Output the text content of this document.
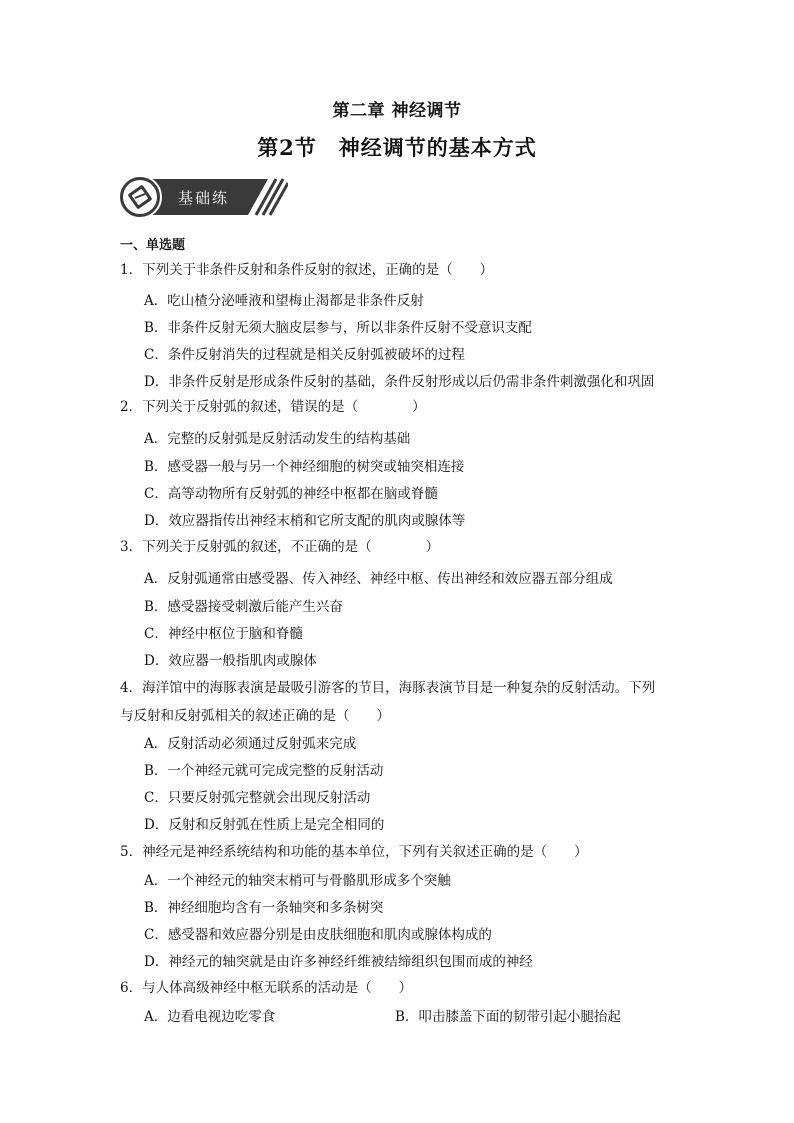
第二章 神经调节
第2节　神经调节的基本方式
基础练
一、单选题
1．下列关于非条件反射和条件反射的叙述，正确的是（　　）
A．吃山楂分泌唾液和望梅止渴都是非条件反射
B．非条件反射无须大脑皮层参与，所以非条件反射不受意识支配
C．条件反射消失的过程就是相关反射弧被破坏的过程
D．非条件反射是形成条件反射的基础，条件反射形成以后仍需非条件刺激强化和巩固
2．下列关于反射弧的叙述，错误的是（　　　　）
A．完整的反射弧是反射活动发生的结构基础
B．感受器一般与另一个神经细胞的树突或轴突相连接
C．高等动物所有反射弧的神经中枢都在脑或脊髓
D．效应器指传出神经末梢和它所支配的肌肉或腺体等
3．下列关于反射弧的叙述，不正确的是（　　　　）
A．反射弧通常由感受器、传入神经、神经中枢、传出神经和效应器五部分组成
B．感受器接受刺激后能产生兴奋
C．神经中枢位于脑和脊髓
D．效应器一般指肌肉或腺体
4．海洋馆中的海豚表演是最吸引游客的节目，海豚表演节目是一种复杂的反射活动。下列
与反射和反射弧相关的叙述正确的是（　　）
A．反射活动必须通过反射弧来完成
B．一个神经元就可完成完整的反射活动
C．只要反射弧完整就会出现反射活动
D．反射和反射弧在性质上是完全相同的
5．神经元是神经系统结构和功能的基本单位，下列有关叙述正确的是（　　）
A．一个神经元的轴突末梢可与骨骼肌形成多个突触
B．神经细胞均含有一条轴突和多条树突
C．感受器和效应器分别是由皮肤细胞和肌肉或腺体构成的
D．神经元的轴突就是由许多神经纤维被结缔组织包围而成的神经
6．与人体高级神经中枢无联系的活动是（　　）
A．边看电视边吃零食	B．叩击膝盖下面的韧带引起小腿抬起
